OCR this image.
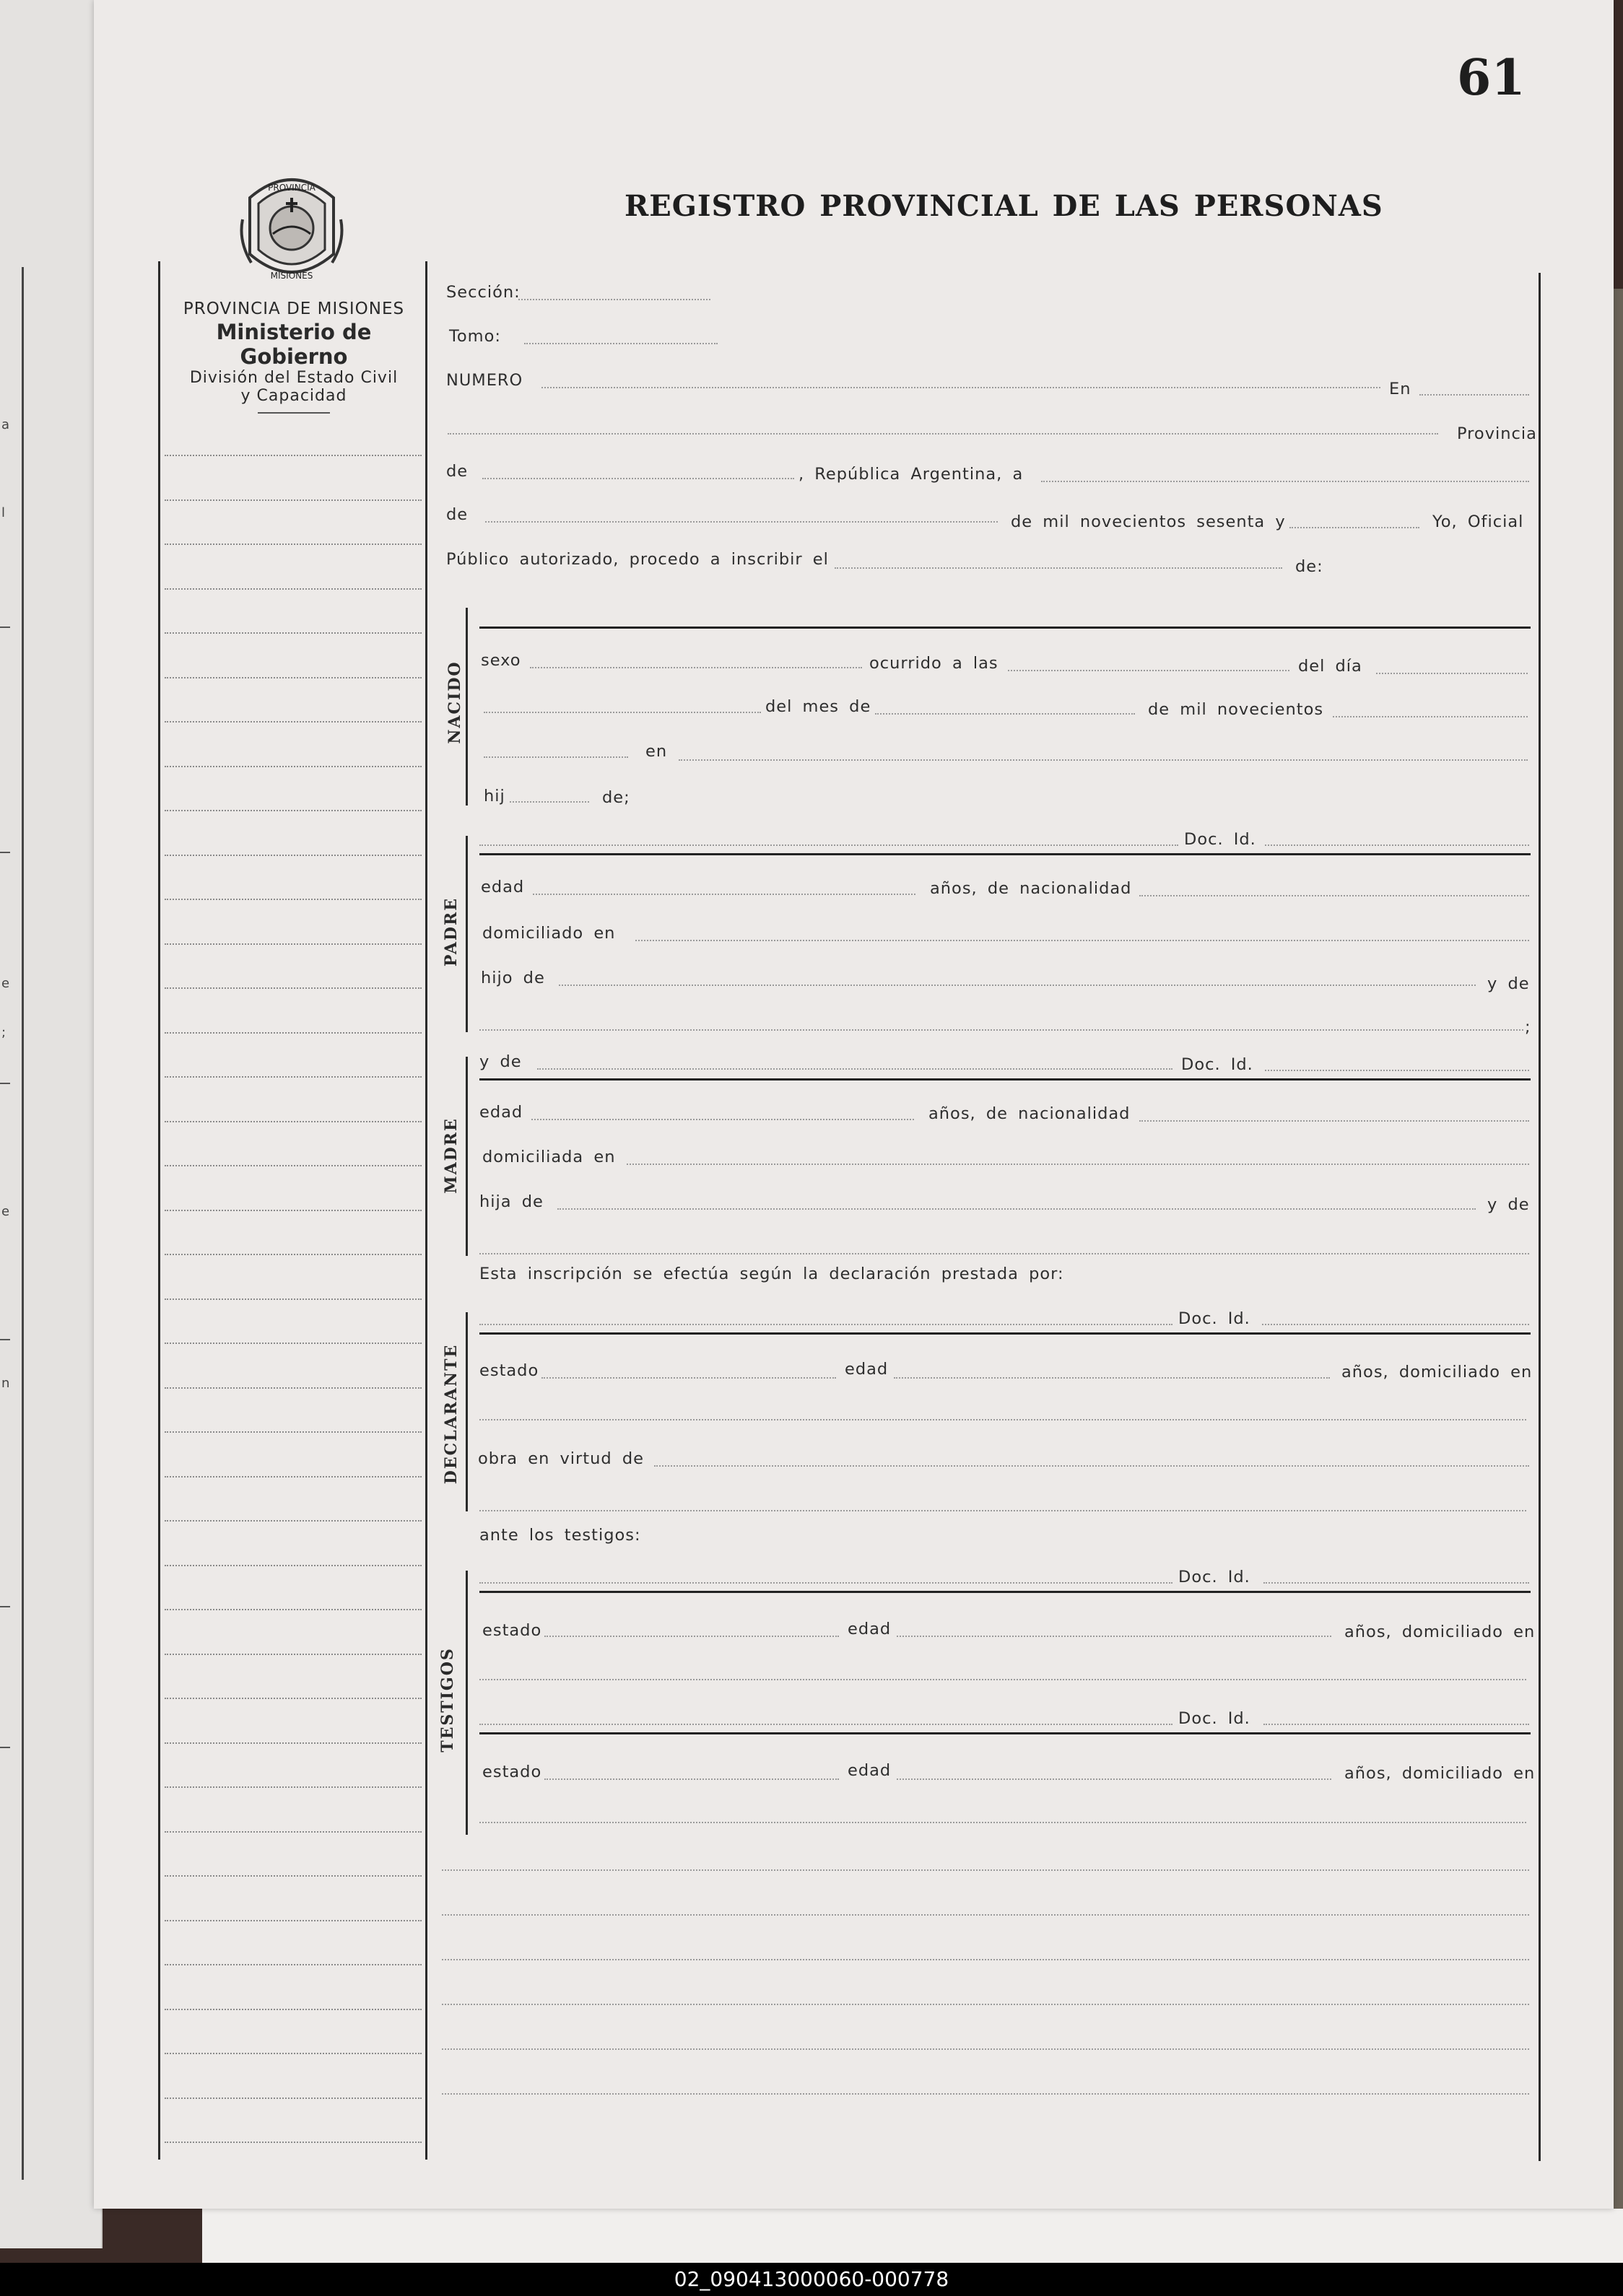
a
l
e
;
e
n
61
PROVINCIA
MISIONES
PROVINCIA DE MISIONES
Ministerio de Gobierno
División del Estado Civil
y Capacidad
REGISTRO PROVINCIAL DE LAS PERSONAS
Sección:
Tomo:
NUMERO	En
Provincia
de	, República Argentina, a
de	de mil novecientos sesenta y	Yo, Oficial
Público autorizado, procedo a inscribir el	de:
NACIDO
sexo	ocurrido a las	del día
del mes de	de mil novecientos
en
hij	de;
Doc. Id.
PADRE
edad	años, de nacionalidad
domiciliado en
hijo de	y de
;
y de	Doc. Id.
MADRE
edad	años, de nacionalidad
domiciliada en
hija de	y de
Esta inscripción se efectúa según la declaración prestada por:
Doc. Id.
DECLARANTE estado	edad	años, domiciliado en
obra en virtud de
ante los testigos:
Doc. Id.
TESTIGOS
estado	edad	años, domiciliado en
Doc. Id.
estado	edad	años, domiciliado en
02_090413000060-000778
